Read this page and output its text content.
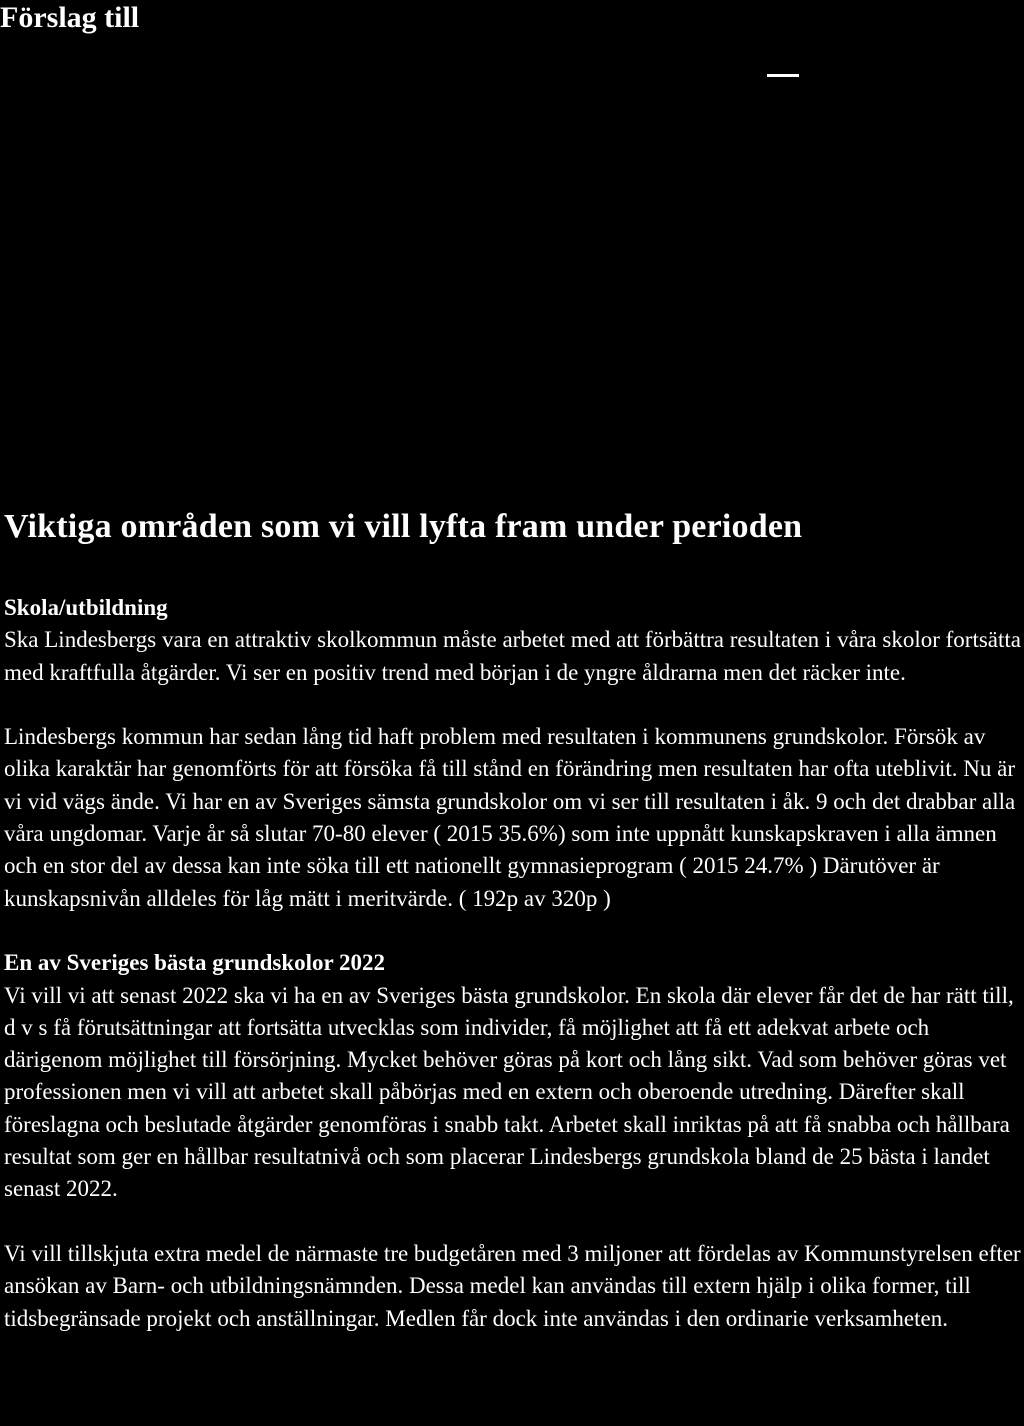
Förslag till
Viktiga områden som vi vill lyfta fram under perioden
Skola/utbildning

Ska Lindesbergs vara en attraktiv skolkommun måste arbetet med att förbättra resultaten i våra skolor fortsätta med kraftfulla åtgärder. Vi ser en positiv trend med början i de yngre åldrarna men det räcker inte.

Lindesbergs kommun har sedan lång tid haft problem med resultaten i kommunens grundskolor. Försök av olika karaktär har genomförts för att försöka få till stånd en förändring men resultaten har ofta uteblivit. Nu är vi vid vägs ände. Vi har en av Sveriges sämsta grundskolor om vi ser till resultaten i åk. 9 och det drabbar alla våra ungdomar. Varje år så slutar 70-80 elever ( 2015 35.6%) som inte uppnått kunskapskraven i alla ämnen och en stor del av dessa kan inte söka till ett nationellt gymnasieprogram ( 2015 24.7% ) Därutöver är kunskapsnivån alldeles för låg mätt i meritvärde. ( 192p av 320p )

En av Sveriges bästa grundskolor 2022

Vi vill vi att senast 2022 ska vi ha en av Sveriges bästa grundskolor. En skola där elever får det de har rätt till, d v s få förutsättningar att fortsätta utvecklas som individer, få möjlighet att få ett adekvat arbete och därigenom möjlighet till försörjning. Mycket behöver göras på kort och lång sikt. Vad som behöver göras vet professionen men vi vill att arbetet skall påbörjas med en extern och oberoende utredning. Därefter skall föreslagna och beslutade åtgärder genomföras i snabb takt. Arbetet skall inriktas på att få snabba och hållbara resultat som ger en hållbar resultatnivå och som placerar Lindesbergs grundskola bland de 25 bästa i landet senast 2022.

Vi vill tillskjuta extra medel de närmaste tre budgetåren med 3 miljoner att fördelas av Kommunstyrelsen efter ansökan av Barn- och utbildningsnämnden. Dessa medel kan användas till extern hjälp i olika former, till tidsbegränsade projekt och anställningar. Medlen får dock inte användas i den ordinarie verksamheten.
